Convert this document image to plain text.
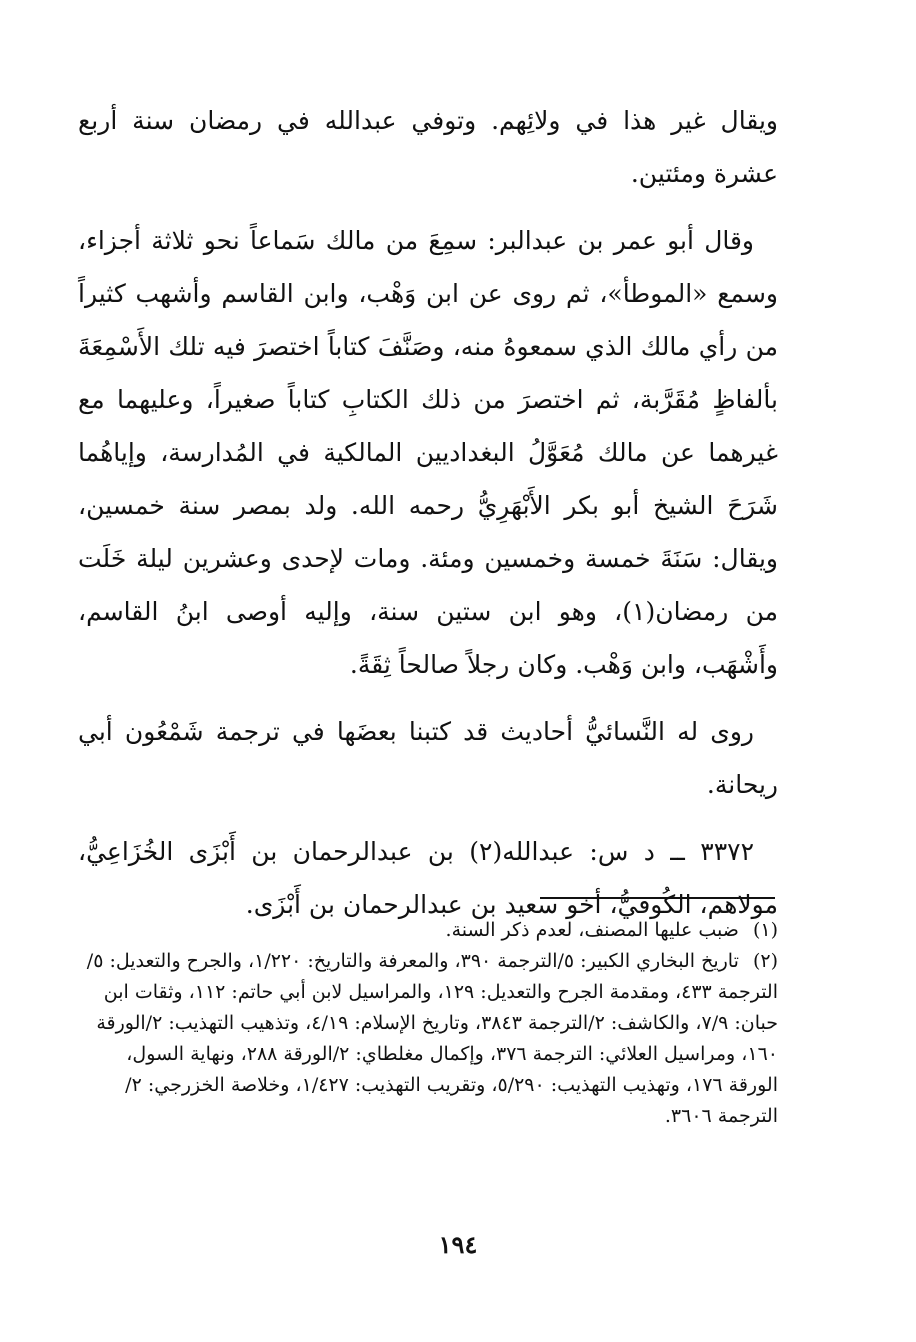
ويقال غير هذا في ولائِهم. وتوفي عبدالله في رمضان سنة أربع عشرة ومئتين.

وقال أبو عمر بن عبدالبر: سمِعَ من مالك سَماعاً نحو ثلاثة أجزاء، وسمع «الموطأ»، ثم روى عن ابن وَهْب، وابن القاسم وأشهب كثيراً من رأي مالك الذي سمعوهُ منه، وصَنَّفَ كتاباً اختصرَ فيه تلك الأَسْمِعَةَ بألفاظٍ مُقَرَّبة، ثم اختصرَ من ذلك الكتابِ كتاباً صغيراً، وعليهما مع غيرهما عن مالك مُعَوَّلُ البغداديين المالكية في المُدارسة، وإياهُما شَرَحَ الشيخ أبو بكر الأَبْهَرِيُّ رحمه الله. ولد بمصر سنة خمسين، ويقال: سَنَةَ خمسة وخمسين ومئة. ومات لإحدى وعشرين ليلة خَلَت من رمضان(١)، وهو ابن ستين سنة، وإليه أوصى ابنُ القاسم، وأَشْهَب، وابن وَهْب. وكان رجلاً صالحاً ثِقَةً.

روى له النَّسائيُّ أحاديث قد كتبنا بعضَها في ترجمة شَمْعُون أبي ريحانة.

٣٣٧٢ ــ د س: عبدالله(٢) بن عبدالرحمان بن أَبْزَى الخُزَاعِيُّ، مولاهم، الكُوفيُّ، أخو سعيد بن عبدالرحمان بن أَبْزَى.

(١) ضبب عليها المصنف، لعدم ذكر السنة.

(٢) تاريخ البخاري الكبير: ٥/الترجمة ٣٩٠، والمعرفة والتاريخ: ١/٢٢٠، والجرح والتعديل: ٥/الترجمة ٤٣٣، ومقدمة الجرح والتعديل: ١٢٩، والمراسيل لابن أبي حاتم: ١١٢، وثقات ابن حبان: ٧/٩، والكاشف: ٢/الترجمة ٣٨٤٣، وتاريخ الإسلام: ٤/١٩، وتذهيب التهذيب: ٢/الورقة ١٦٠، ومراسيل العلائي: الترجمة ٣٧٦، وإكمال مغلطاي: ٢/الورقة ٢٨٨، ونهاية السول، الورقة ١٧٦، وتهذيب التهذيب: ٥/٢٩٠، وتقريب التهذيب: ١/٤٢٧، وخلاصة الخزرجي: ٢/الترجمة ٣٦٠٦.

١٩٤
